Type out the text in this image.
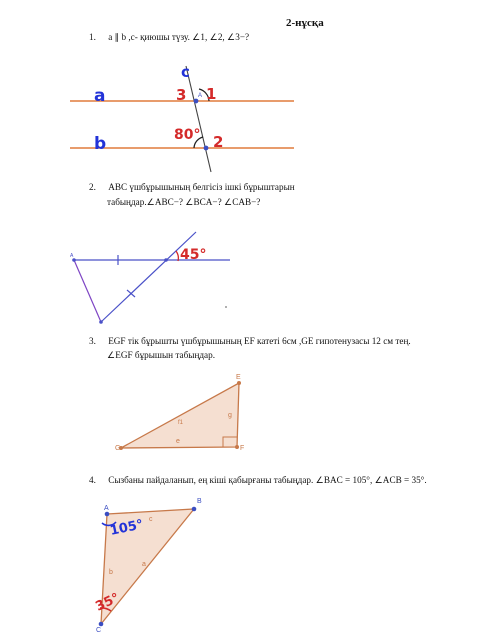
2-нұсқа
1. a ∥ b ,c- қиюшы түзу. ∠1, ∠2, ∠3−?
2. ABC үшбұрышының белгісіз ішкі бұрыштарын
табыңдар.∠ABC−? ∠BCA−? ∠CAB−?
3. EGF тік бұрышты үшбұрышының EF катеті 6см ,GE гипотенузасы 12 см тең.
∠EGF бұрышын табыңдар.
4. Сызбаны пайдаланып, ең кіші қабырғаны табыңдар. ∠BAC = 105°, ∠ACB = 35°.
c
a
b
3 1
2
80°
A
A	45°
E
G	F
g
e
f1
A
B
C
c
a
b
105°
35°
